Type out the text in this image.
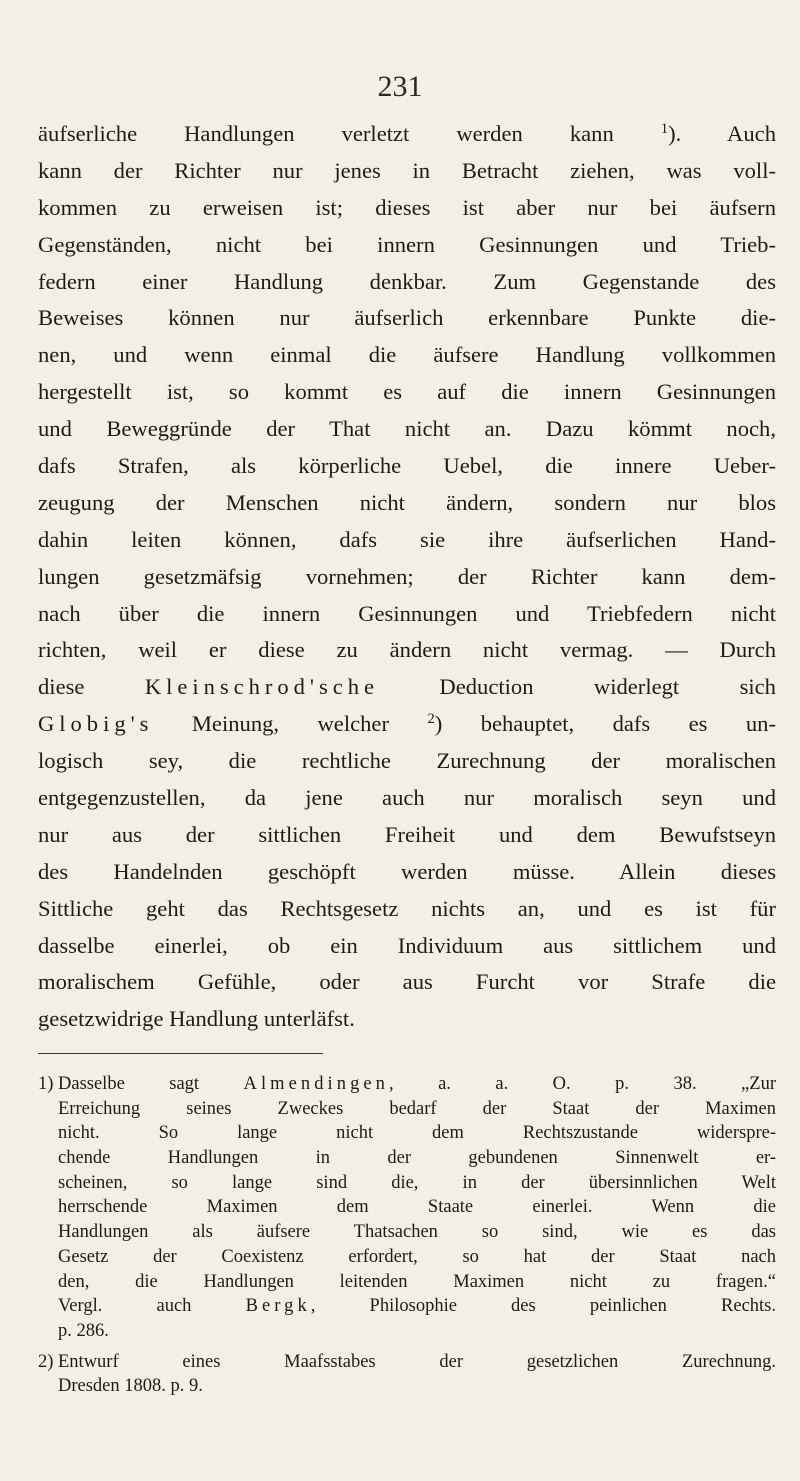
231
äufserliche Handlungen verletzt werden kann	$^1$). Auch
kann der Richter nur jenes in Betracht ziehen, was voll-
kommen zu erweisen ist; dieses ist aber nur bei äufsern
Gegenständen, nicht bei innern Gesinnungen und Trieb-
federn einer Handlung denkbar. Zum Gegenstande des
Beweises können nur äufserlich erkennbare Punkte die-
nen, und wenn einmal die äufsere Handlung vollkommen
hergestellt ist, so kommt es auf die innern Gesinnungen
und Beweggründe der That nicht an. Dazu kömmt noch,
dafs Strafen, als körperliche Uebel, die innere Ueber-
zeugung der Menschen nicht ändern, sondern nur blos
dahin leiten können, dafs sie ihre äufserlichen Hand-
lungen gesetzmäfsig vornehmen; der Richter kann dem-
nach über die innern Gesinnungen und Triebfedern nicht
richten, weil er diese zu ändern nicht vermag. — Durch
diese	Kleinschrod'sche	Deduction widerlegt sich
Globig's Meinung, welcher	$^2$) behauptet, dafs es un-
logisch sey, die rechtliche Zurechnung der moralischen
entgegenzustellen, da jene auch nur moralisch seyn und
nur aus der sittlichen Freiheit und dem Bewufstseyn
des Handelnden geschöpft werden müsse. Allein dieses
Sittliche geht das Rechtsgesetz nichts an, und es ist für
dasselbe einerlei, ob ein Individuum aus sittlichem und
moralischem Gefühle, oder aus Furcht vor Strafe die
gesetzwidrige Handlung unterläfst.
1) Dasselbe sagt Almendingen, a. a. O. p. 38. „Zur
Erreichung seines Zweckes bedarf der Staat der Maximen
nicht. So lange nicht dem Rechtszustande widerspre-
chende Handlungen in der gebundenen Sinnenwelt er-
scheinen, so lange sind die, in der übersinnlichen Welt
herrschende Maximen dem Staate einerlei. Wenn die
Handlungen als äufsere Thatsachen so sind, wie es das
Gesetz der Coexistenz erfordert, so hat der Staat nach
den, die Handlungen leitenden Maximen nicht zu fragen.“
Vergl. auch	Bergk, Philosophie des peinlichen Rechts.
p. 286.
2) Entwurf eines Maafsstabes der gesetzlichen Zurechnung.
Dresden 1808. p. 9.
